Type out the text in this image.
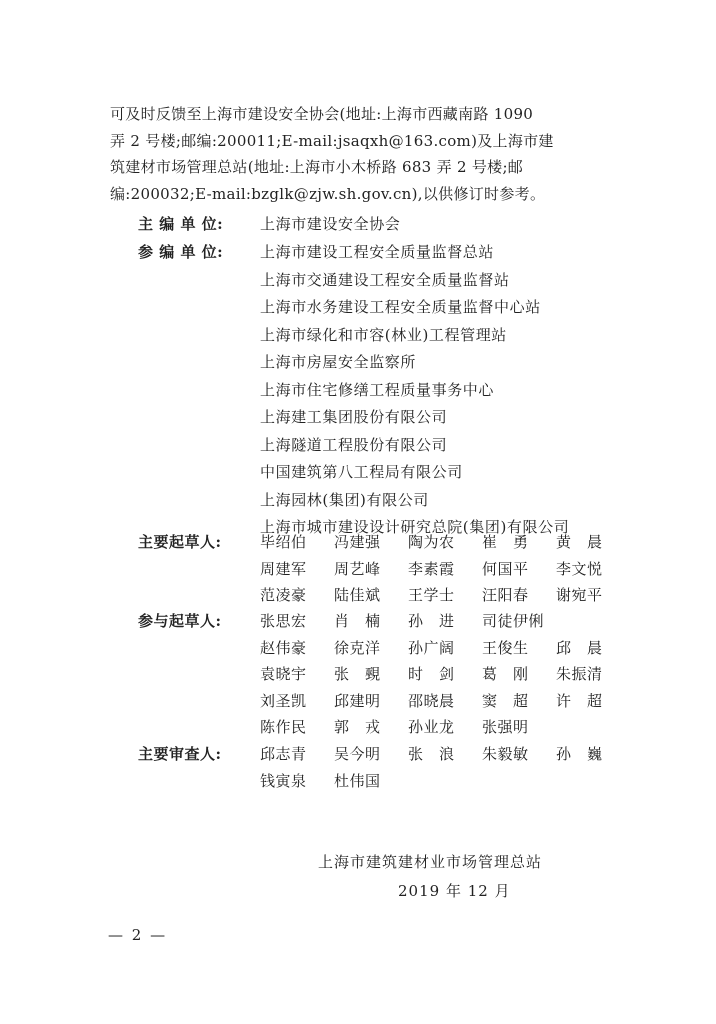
可及时反馈至上海市建设安全协会(地址:上海市西藏南路 1090

弄 2 号楼;邮编:200011;E-mail:jsaqxh@163.com)及上海市建

筑建材市场管理总站(地址:上海市小木桥路 683 弄 2 号楼;邮

编:200032;E-mail:bzglk@zjw.sh.gov.cn),以供修订时参考。

主 编 单 位:	上海市建设安全协会
参 编 单 位:	上海市建设工程安全质量监督总站
上海市交通建设工程安全质量监督站
上海市水务建设工程安全质量监督中心站
上海市绿化和市容(林业)工程管理站
上海市房屋安全监察所
上海市住宅修缮工程质量事务中心
上海建工集团股份有限公司
上海隧道工程股份有限公司
中国建筑第八工程局有限公司
上海园林(集团)有限公司
上海市城市建设设计研究总院(集团)有限公司
主要起草人:	毕绍伯 冯建强 陶为农 崔　勇 黄　晨
周建军 周艺峰 李素霞 何国平 李文悦
范凌豪 陆佳斌 王学士 汪阳春 谢宛平
参与起草人:	张思宏 肖　楠 孙　进 司徒伊俐
赵伟豪 徐克洋 孙广阔 王俊生 邱　晨
袁晓宇 张　覡 时　剑 葛　刚 朱振清
刘圣凯 邱建明 邵晓晨 窦　超 许　超
陈作民 郭　戎 孙业龙 张强明
主要审查人:	邱志青 吴今明 张　浪 朱毅敏 孙　巍
钱寅泉 杜伟国
上海市建筑建材业市场管理总站
2019 年 12 月
— 2 —
